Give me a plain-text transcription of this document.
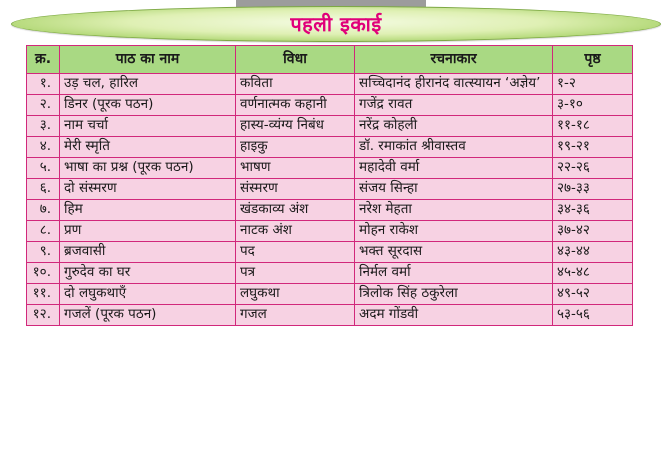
पहली इकाई
क्र.	पाठ का नाम	विधा	रचनाकार	पृष्ठ
१.	उड़ चल, हारिल	कविता	सच्चिदानंद हीरानंद वात्स्यायन ‘अज्ञेय’	१-२
२.	डिनर (पूरक पठन)	वर्णनात्मक कहानी	गजेंद्र रावत	३-१०
३.	नाम चर्चा	हास्य-व्यंग्य निबंध	नरेंद्र कोहली	११-१८
४.	मेरी स्मृति	हाइकु	डॉ. रमाकांत श्रीवास्तव	१९-२१
५.	भाषा का प्रश्न (पूरक पठन)	भाषण	महादेवी वर्मा	२२-२६
६.	दो संस्मरण	संस्मरण	संजय सिन्हा	२७-३३
७.	हिम	खंडकाव्य अंश	नरेश मेहता	३४-३६
८.	प्रण	नाटक अंश	मोहन राकेश	३७-४२
९.	ब्रजवासी	पद	भक्त सूरदास	४३-४४
१०.	गुरुदेव का घर	पत्र	निर्मल वर्मा	४५-४८
११.	दो लघुकथाएँ	लघुकथा	त्रिलोक सिंह ठकुरेला	४९-५२
१२.	गजलें (पूरक पठन)	गजल	अदम गोंडवी	५३-५६
